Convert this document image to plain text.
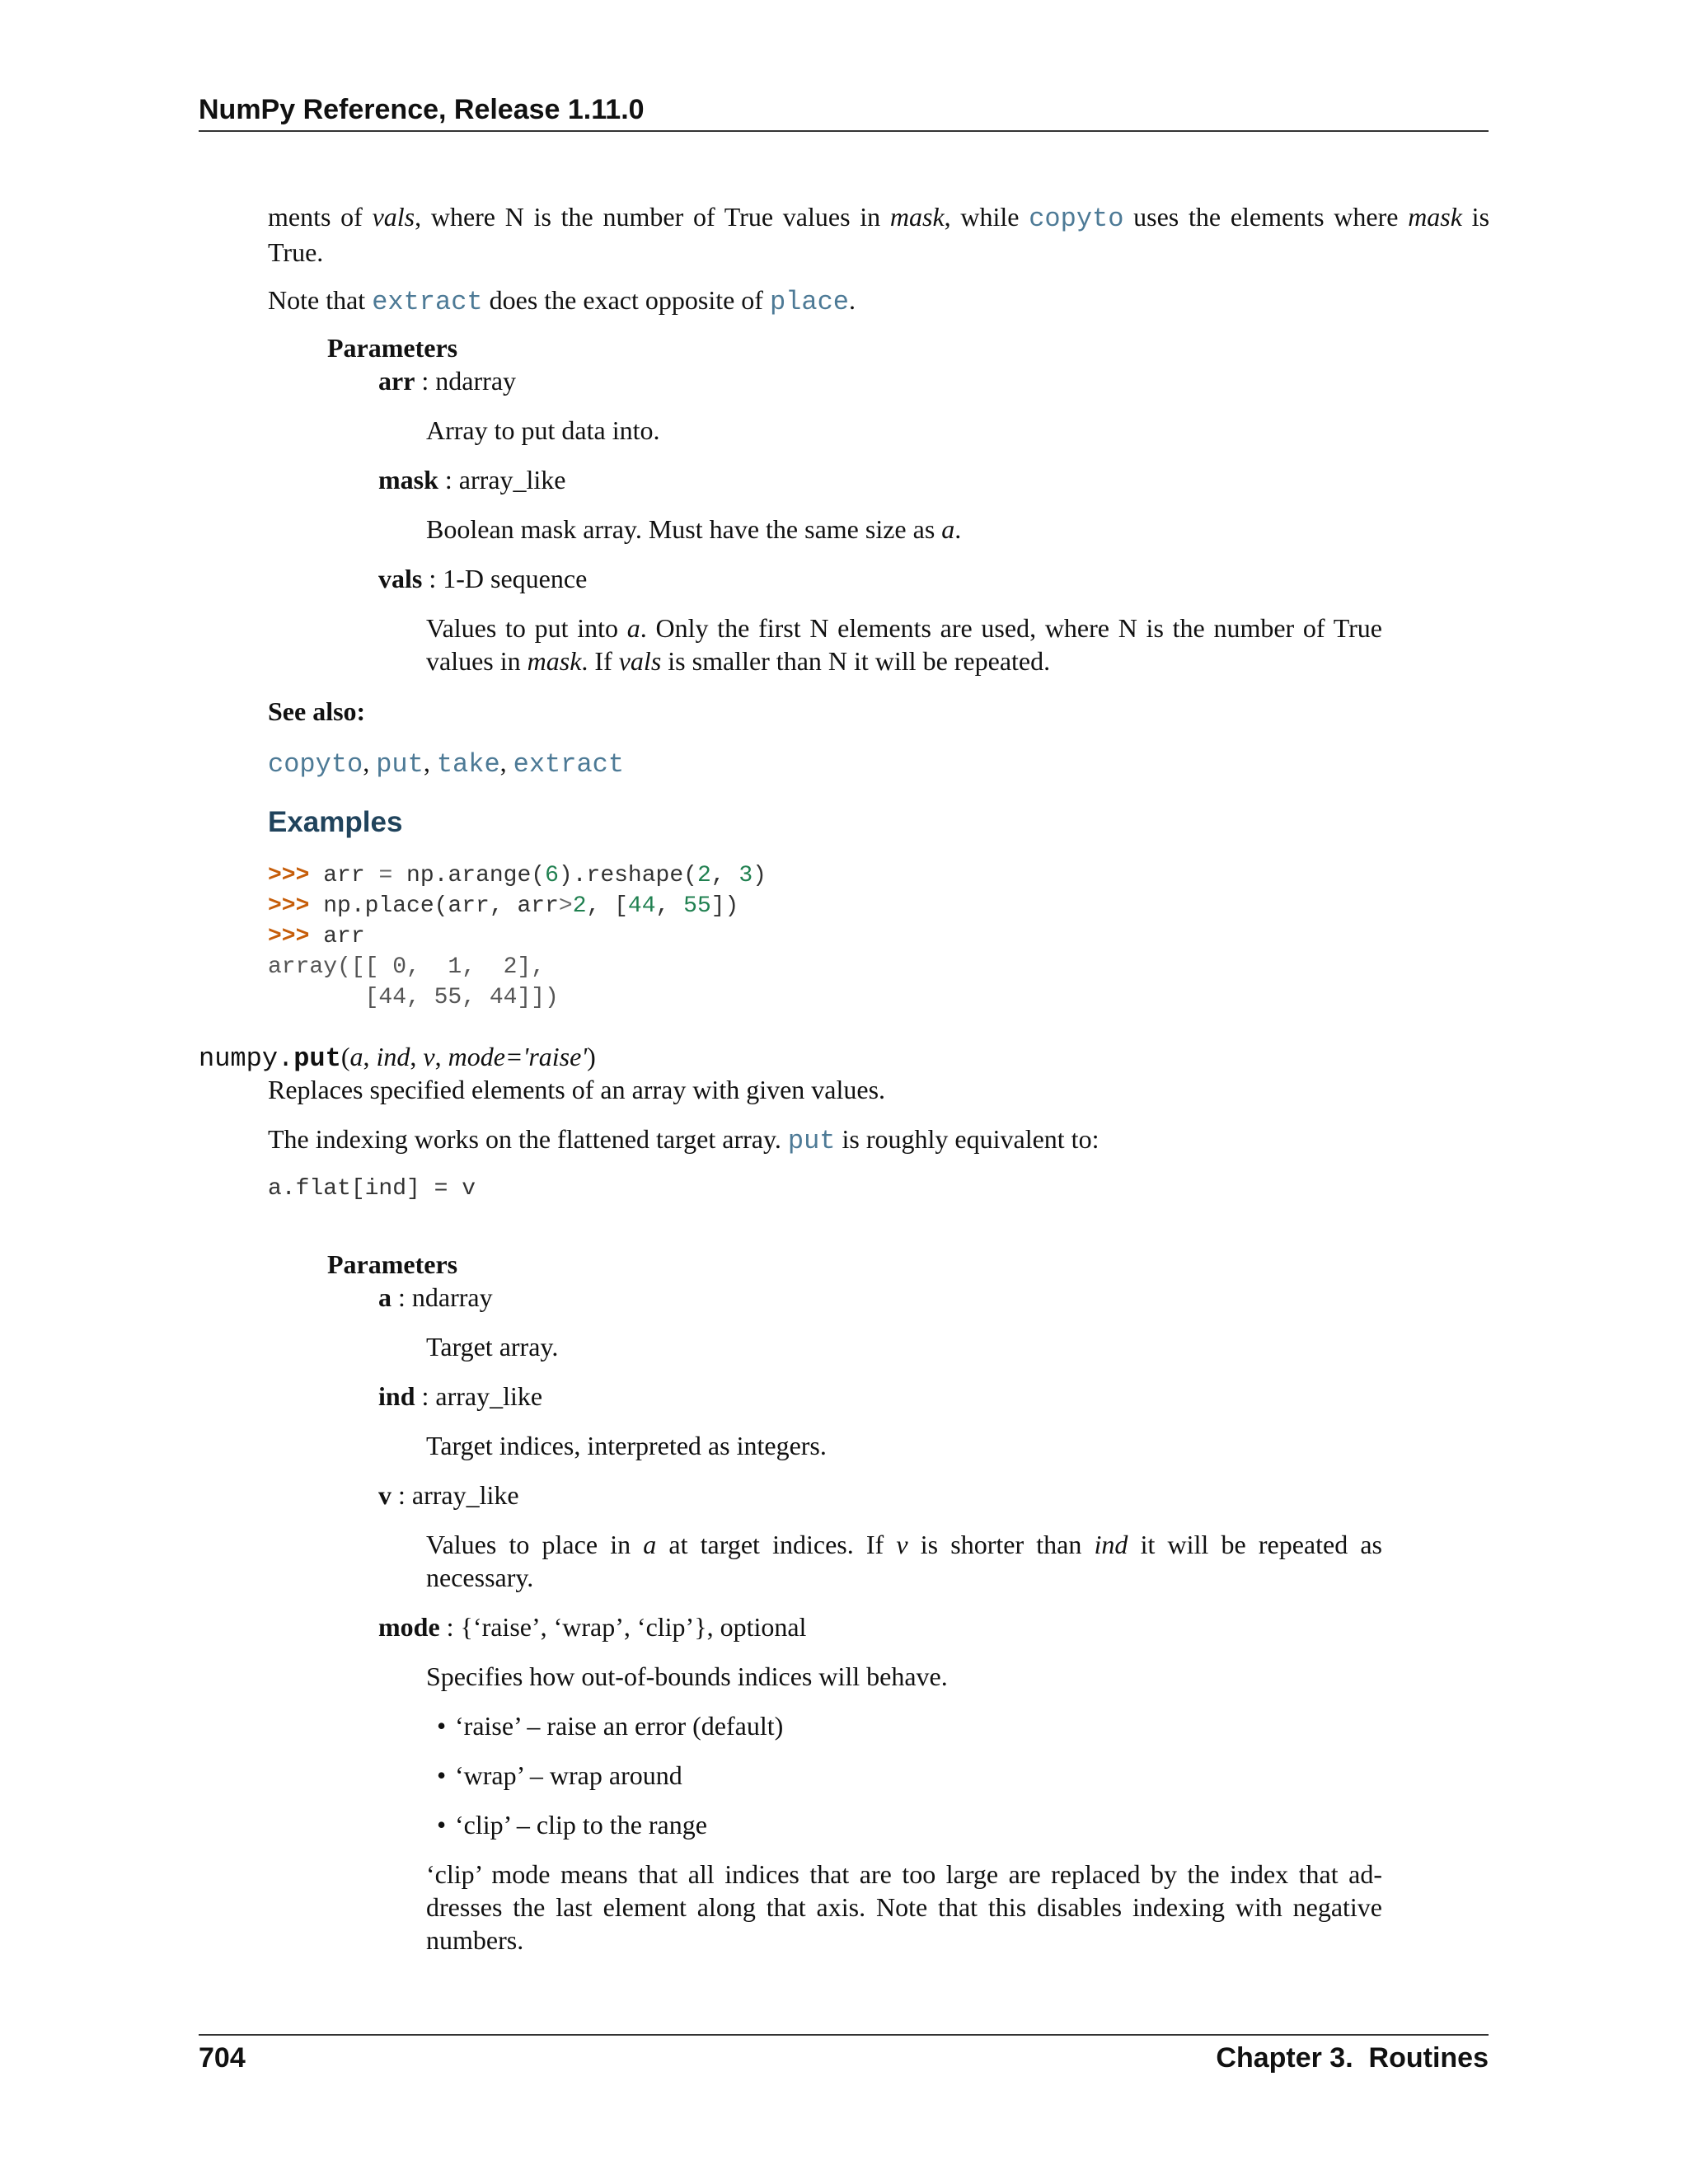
NumPy Reference, Release 1.11.0

ments of vals, where N is the number of True values in mask, while copyto uses the elements where mask is True.

Note that extract does the exact opposite of place.

Parameters
arr : ndarray

Array to put data into.

mask : array_like

Boolean mask array. Must have the same size as a.

vals : 1-D sequence

Values to put into a. Only the first N elements are used, where N is the number of True values in mask. If vals is smaller than N it will be repeated.

See also:
copyto, put, take, extract
Examples
>>> arr = np.arange(6).reshape(2, 3)
>>> np.place(arr, arr>2, [44, 55])
>>> arr
array([[ 0,  1,  2],
[44, 55, 44]])
numpy.put(a, ind, v, mode='raise')

Replaces specified elements of an array with given values.

The indexing works on the flattened target array. put is roughly equivalent to:

a.flat[ind] = v
Parameters
a : ndarray

Target array.

ind : array_like

Target indices, interpreted as integers.

v : array_like

Values to place in a at target indices. If v is shorter than ind it will be repeated as necessary.

mode : {‘raise’, ‘wrap’, ‘clip’}, optional

Specifies how out-of-bounds indices will behave.

• ‘raise’ – raise an error (default)
• ‘wrap’ – wrap around
• ‘clip’ – clip to the range

‘clip’ mode means that all indices that are too large are replaced by the index that addresses the last element along that axis. Note that this disables indexing with negative numbers.

704	Chapter 3.  Routines
